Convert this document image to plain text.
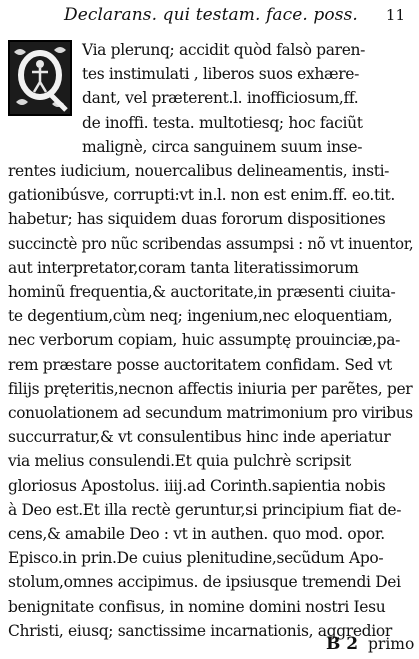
Declarans. qui testam. face. poss. 11
Via plerunq; accidit quòd falsò paren-
tes instimulati , liberos suos exhære-
dant, vel præterent.l. inofficiosum,ff.
de inoffi. testa. multotiesq; hoc faciũt
malignè, circa sanguinem suum inse-
rentes iudicium, nouercalibus delineamentis, insti-
gationibúsve, corrupti:vt in.l. non est enim.ff. eo.tit.
habetur; has siquidem duas fororum dispositiones
succinctè pro nũc scribendas assumpsi : nõ vt inuentor,
aut interpretator,coram tanta literatissimorum
hominũ frequentia,& auctoritate,in præsenti ciuita-
te degentium,cùm neq; ingenium,nec eloquentiam,
nec verborum copiam, huic assumptę prouinciæ,pa-
rem præstare posse auctoritatem confidam. Sed vt
filijs pręteritis,necnon affectis iniuria per parẽtes, per
conuolationem ad secundum matrimonium pro viribus
succurratur,& vt consulentibus hinc inde aperiatur
via melius consulendi.Et quia pulchrè scripsit
gloriosus Apostolus. iiij.ad Corinth.sapientia nobis
à Deo est.Et illa rectè geruntur,si principium fiat de-
cens,& amabile Deo : vt in authen. quo mod. opor.
Episco.in prin.De cuius plenitudine,secũdum Apo-
stolum,omnes accipimus. de ipsiusque tremendi Dei
benignitate confisus, in nomine domini nostri Iesu
Christi, eiusq; sanctissime incarnationis, aggredior
B 2 primo
